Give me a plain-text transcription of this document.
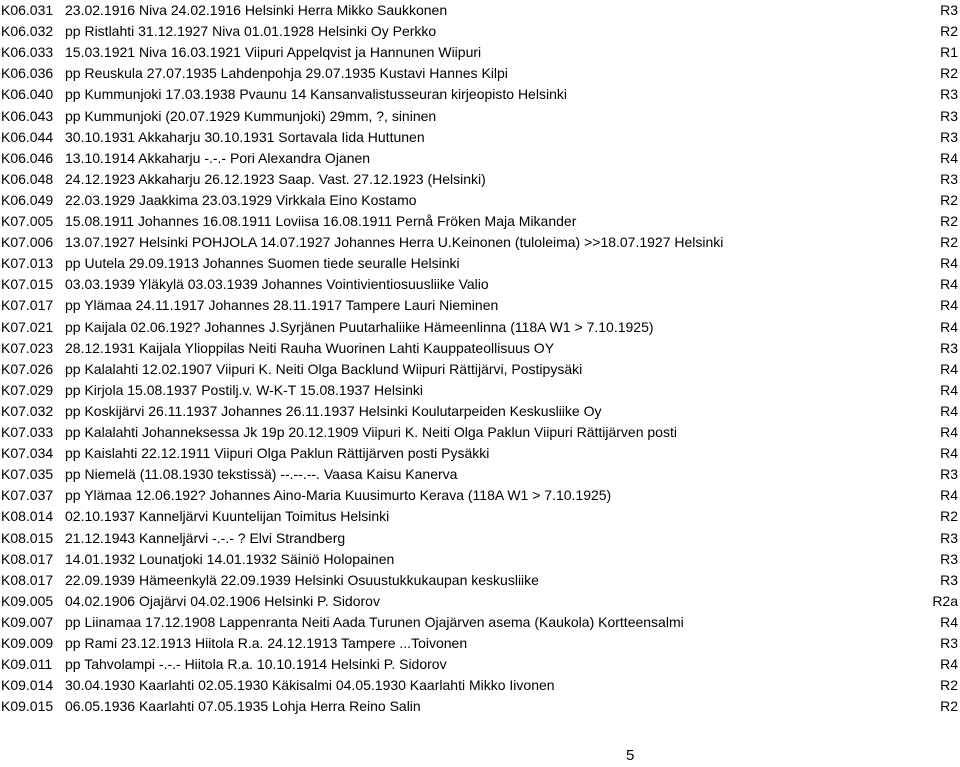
K06.031 23.02.1916 Niva 24.02.1916 Helsinki Herra Mikko Saukkonen	R3
K06.032 pp Ristlahti 31.12.1927 Niva 01.01.1928 Helsinki Oy Perkko	R2
K06.033 15.03.1921 Niva 16.03.1921 Viipuri Appelqvist ja Hannunen Wiipuri	R1
K06.036 pp Reuskula 27.07.1935 Lahdenpohja 29.07.1935 Kustavi Hannes Kilpi	R2
K06.040 pp Kummunjoki 17.03.1938 Pvaunu 14 Kansanvalistusseuran kirjeopisto Helsinki	R3
K06.043 pp Kummunjoki (20.07.1929 Kummunjoki) 29mm, ?, sininen	R3
K06.044 30.10.1931 Akkaharju 30.10.1931 Sortavala Iida Huttunen	R3
K06.046 13.10.1914 Akkaharju -.-.- Pori Alexandra Ojanen	R4
K06.048 24.12.1923 Akkaharju 26.12.1923 Saap. Vast. 27.12.1923 (Helsinki)	R3
K06.049 22.03.1929 Jaakkima 23.03.1929 Virkkala Eino Kostamo	R2
K07.005 15.08.1911 Johannes 16.08.1911 Loviisa 16.08.1911 Pernå Fröken Maja Mikander	R2
K07.006 13.07.1927 Helsinki POHJOLA 14.07.1927 Johannes Herra U.Keinonen (tuloleima) >>18.07.1927 Helsinki	R2
K07.013 pp Uutela 29.09.1913 Johannes Suomen tiede seuralle Helsinki	R4
K07.015 03.03.1939 Yläkylä 03.03.1939 Johannes Vointivientiosuusliike Valio	R4
K07.017 pp Ylämaa 24.11.1917 Johannes 28.11.1917 Tampere Lauri Nieminen	R4
K07.021 pp Kaijala 02.06.192? Johannes J.Syrjänen Puutarhaliike Hämeenlinna (118A W1 > 7.10.1925)	R4
K07.023 28.12.1931 Kaijala Ylioppilas Neiti Rauha Wuorinen Lahti Kauppateollisuus OY	R3
K07.026 pp Kalalahti 12.02.1907 Viipuri K. Neiti Olga Backlund Wiipuri Rättijärvi, Postipysäki	R4
K07.029 pp Kirjola 15.08.1937 Postilj.v. W-K-T 15.08.1937 Helsinki	R4
K07.032 pp Koskijärvi 26.11.1937 Johannes 26.11.1937 Helsinki Koulutarpeiden Keskusliike Oy	R4
K07.033 pp Kalalahti Johanneksessa Jk 19p 20.12.1909 Viipuri K. Neiti Olga Paklun Viipuri Rättijärven posti	R4
K07.034 pp Kaislahti 22.12.1911 Viipuri Olga Paklun Rättijärven posti Pysäkki	R4
K07.035 pp Niemelä (11.08.1930 tekstissä) --.--.--. Vaasa Kaisu Kanerva	R3
K07.037 pp Ylämaa 12.06.192? Johannes Aino-Maria Kuusimurto Kerava (118A W1 > 7.10.1925)	R4
K08.014 02.10.1937 Kanneljärvi Kuuntelijan Toimitus Helsinki	R2
K08.015 21.12.1943 Kanneljärvi -.-.- ? Elvi Strandberg	R3
K08.017 14.01.1932 Lounatjoki 14.01.1932 Säiniö Holopainen	R3
K08.017 22.09.1939 Hämeenkylä 22.09.1939 Helsinki Osuustukkukaupan keskusliike	R3
K09.005 04.02.1906 Ojajärvi 04.02.1906 Helsinki P. Sidorov	R2a
K09.007 pp Liinamaa 17.12.1908 Lappenranta Neiti Aada Turunen Ojajärven asema (Kaukola) Kortteensalmi	R4
K09.009 pp Rami 23.12.1913 Hiitola R.a. 24.12.1913 Tampere ...Toivonen	R3
K09.011 pp Tahvolampi -.-.- Hiitola R.a. 10.10.1914 Helsinki P. Sidorov	R4
K09.014 30.04.1930 Kaarlahti 02.05.1930 Käkisalmi 04.05.1930 Kaarlahti Mikko Iivonen	R2
K09.015 06.05.1936 Kaarlahti 07.05.1935 Lohja Herra Reino Salin	R2
5
